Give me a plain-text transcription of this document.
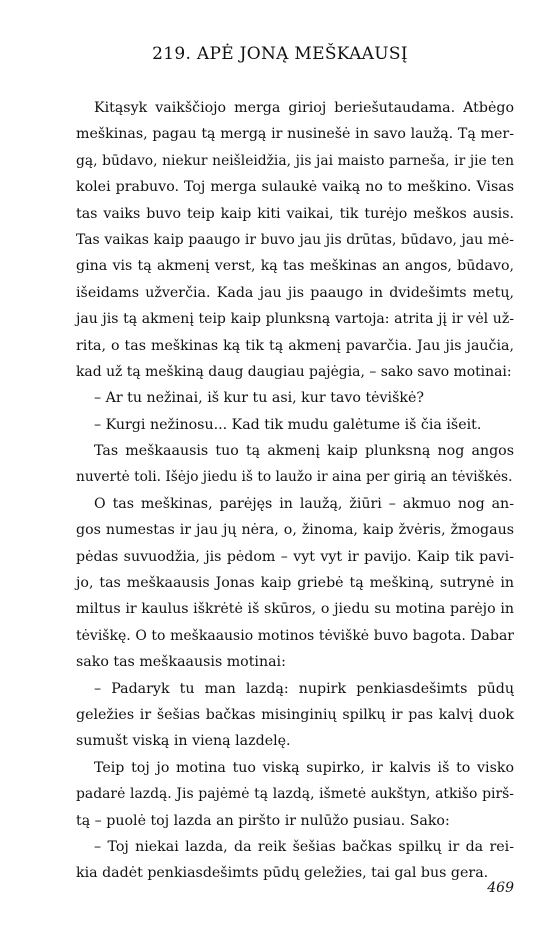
219. APĖ JONĄ MEŠKAAUSĮ
Kitąsyk vaikščiojo merga girioj beriešutaudama. Atbėgo
meškinas, pagau tą mergą ir nusinešė in savo laužą. Tą mer-
gą, būdavo, niekur neišleidžia, jis jai maisto parneša, ir jie ten
kolei prabuvo. Toj merga sulaukė vaiką no to meškino. Visas
tas vaiks buvo teip kaip kiti vaikai, tik turėjo meškos ausis.
Tas vaikas kaip paaugo ir buvo jau jis drūtas, būdavo, jau mė-
gina vis tą akmenį verst, ką tas meškinas an angos, būdavo,
išeidams užverčia. Kada jau jis paaugo in dvidešimts metų,
jau jis tą akmenį teip kaip plunksną vartoja: atrita jį ir vėl už-
rita, o tas meškinas ką tik tą akmenį pavarčia. Jau jis jaučia,
kad už tą meškiną daug daugiau pajėgia, – sako savo motinai:
– Ar tu nežinai, iš kur tu asi, kur tavo tėviškė?
– Kurgi nežinosu... Kad tik mudu galėtume iš čia išeit.
Tas meškaausis tuo tą akmenį kaip plunksną nog angos
nuvertė toli. Išėjo jiedu iš to laužo ir aina per girią an tėviškės.
O tas meškinas, parėjęs in laužą, žiūri – akmuo nog an-
gos numestas ir jau jų nėra, o, žinoma, kaip žvėris, žmogaus
pėdas suvuodžia, jis pėdom – vyt vyt ir pavijo. Kaip tik pavi-
jo, tas meškaausis Jonas kaip griebė tą meškiną, sutrynė in
miltus ir kaulus iškrėtė iš skūros, o jiedu su motina parėjo in
tėviškę. O to meškaausio motinos tėviškė buvo bagota. Dabar
sako tas meškaausis motinai:
– Padaryk tu man lazdą: nupirk penkiasdešimts pūdų
geležies ir šešias bačkas misinginių spilkų ir pas kalvį duok
sumušt viską in vieną lazdelę.
Teip toj jo motina tuo viską supirko, ir kalvis iš to visko
padarė lazdą. Jis pajėmė tą lazdą, išmetė aukštyn, atkišo pirš-
tą – puolė toj lazda an piršto ir nulūžo pusiau. Sako:
– Toj niekai lazda, da reik šešias bačkas spilkų ir da rei-
kia dadėt penkiasdešimts pūdų geležies, tai gal bus gera.
469
